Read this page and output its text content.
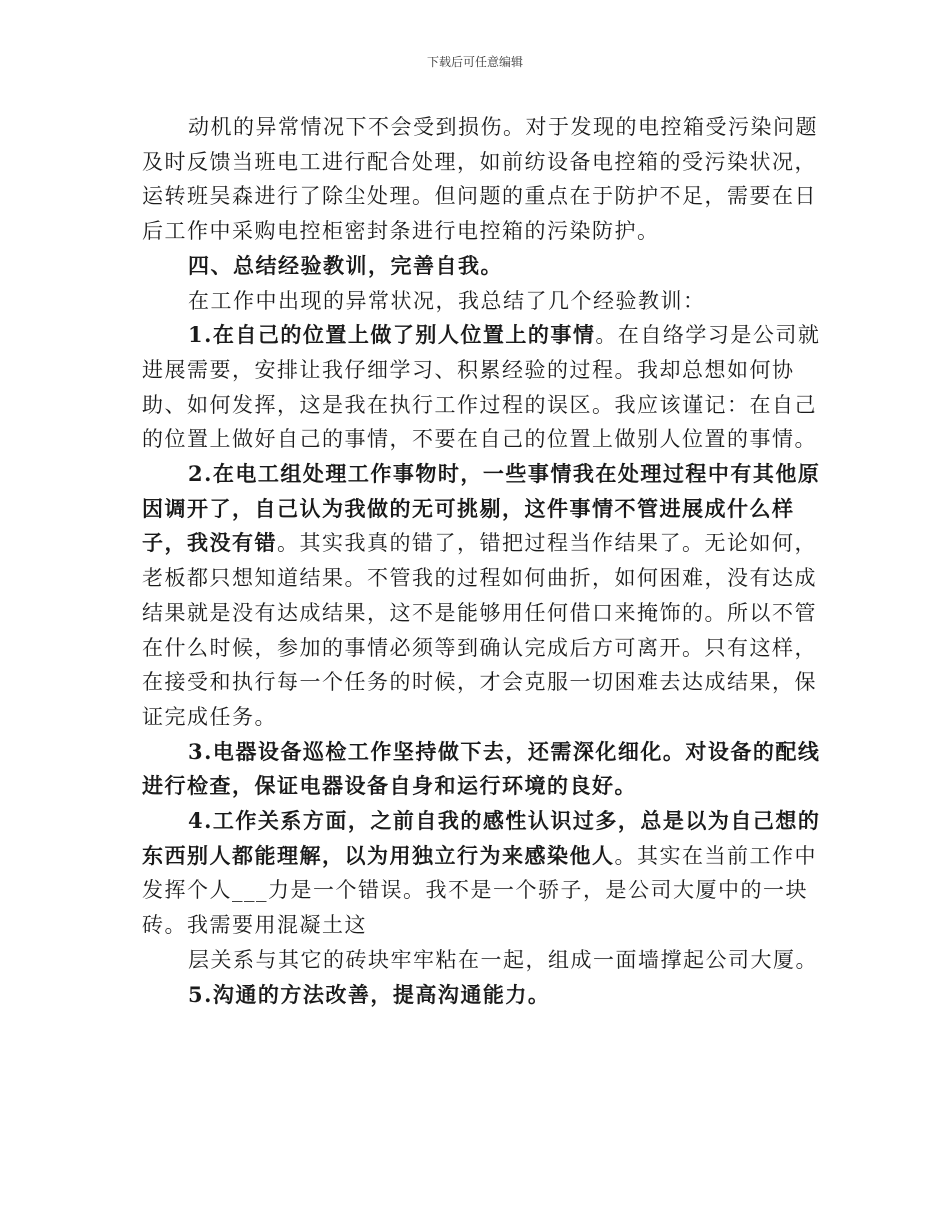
下载后可任意编辑

动机的异常情况下不会受到损伤。对于发现的电控箱受污染问题及时反馈当班电工进行配合处理，如前纺设备电控箱的受污染状况，运转班吴森进行了除尘处理。但问题的重点在于防护不足，需要在日后工作中采购电控柜密封条进行电控箱的污染防护。

四、总结经验教训，完善自我。

在工作中出现的异常状况，我总结了几个经验教训：

1.在自己的位置上做了别人位置上的事情。在自络学习是公司就进展需要，安排让我仔细学习、积累经验的过程。我却总想如何协助、如何发挥，这是我在执行工作过程的误区。我应该谨记：在自己的位置上做好自己的事情，不要在自己的位置上做别人位置的事情。

2.在电工组处理工作事物时，一些事情我在处理过程中有其他原因调开了，自己认为我做的无可挑剔，这件事情不管进展成什么样子，我没有错。其实我真的错了，错把过程当作结果了。无论如何，老板都只想知道结果。不管我的过程如何曲折，如何困难，没有达成结果就是没有达成结果，这不是能够用任何借口来掩饰的。所以不管在什么时候，参加的事情必须等到确认完成后方可离开。只有这样，在接受和执行每一个任务的时候，才会克服一切困难去达成结果，保证完成任务。

3.电器设备巡检工作坚持做下去，还需深化细化。对设备的配线进行检查，保证电器设备自身和运行环境的良好。

4.工作关系方面，之前自我的感性认识过多，总是以为自己想的东西别人都能理解，以为用独立行为来感染他人。其实在当前工作中发挥个人___力是一个错误。我不是一个骄子，是公司大厦中的一块砖。我需要用混凝土这

层关系与其它的砖块牢牢粘在一起，组成一面墙撑起公司大厦。

5.沟通的方法改善，提高沟通能力。
